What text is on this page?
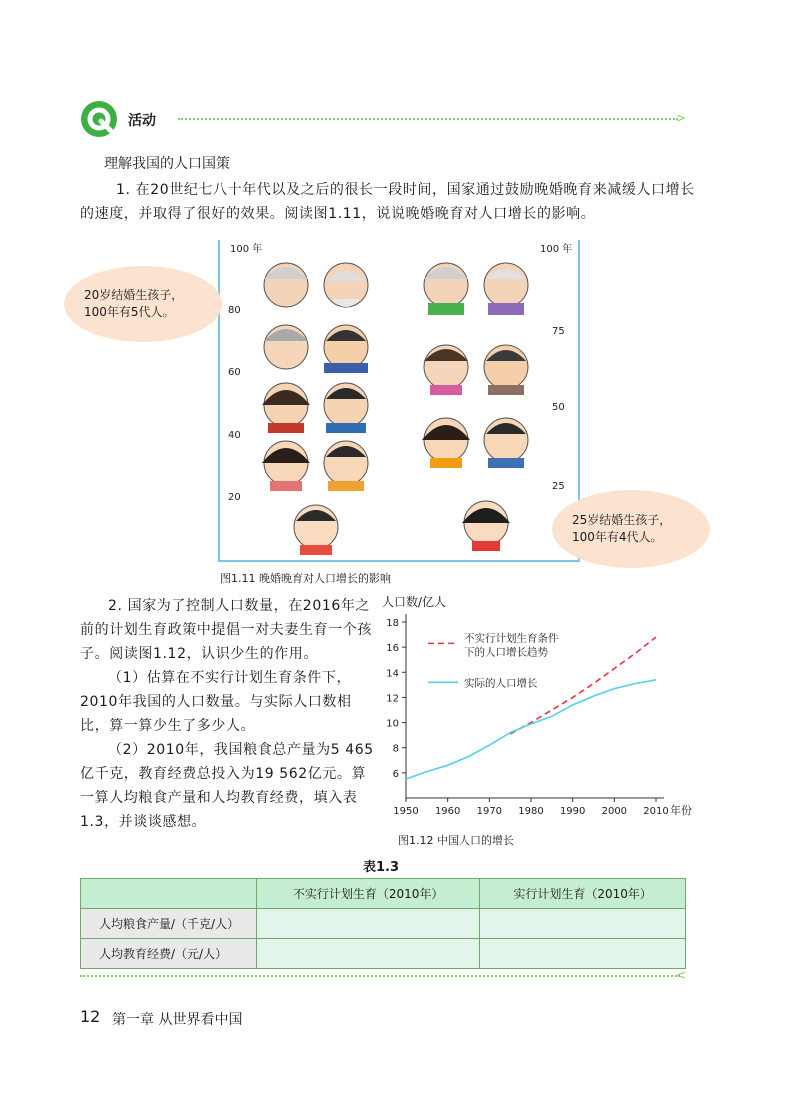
活动	>
理解我国的人口国策
1. 在20世纪七八十年代以及之后的很长一段时间，国家通过鼓励晚婚晚育来减缓人口增长的速度，并取得了很好的效果。阅读图1.11，说说晚婚晚育对人口增长的影响。
100 年
80
60
40
20
100 年
75
50
25
20岁结婚生孩子，100年有5代人。
25岁结婚生孩子，100年有4代人。
图1.11 晚婚晚育对人口增长的影响

2. 国家为了控制人口数量，在2016年之前的计划生育政策中提倡一对夫妻生育一个孩子。阅读图1.12，认识少生的作用。

（1）估算在不实行计划生育条件下，2010年我国的人口数量。与实际人口数相比，算一算少生了多少人。

（2）2010年，我国粮食总产量为5 465亿千克，教育经费总投入为19 562亿元。算一算人均粮食产量和人均教育经费，填入表1.3，并谈谈感想。

人口数/亿人
年份
1950 1960 1970 1980 1990 2000 2010
6
8
10
12
14
16
18
不实行计划生育条件
下的人口增长趋势
实际的人口增长
图1.12 中国人口的增长
表1.3
	不实行计划生育（2010年）	实行计划生育（2010年）
人均粮食产量/（千克/人）		
人均教育经费/（元/人）		
<
12 第一章 从世界看中国
